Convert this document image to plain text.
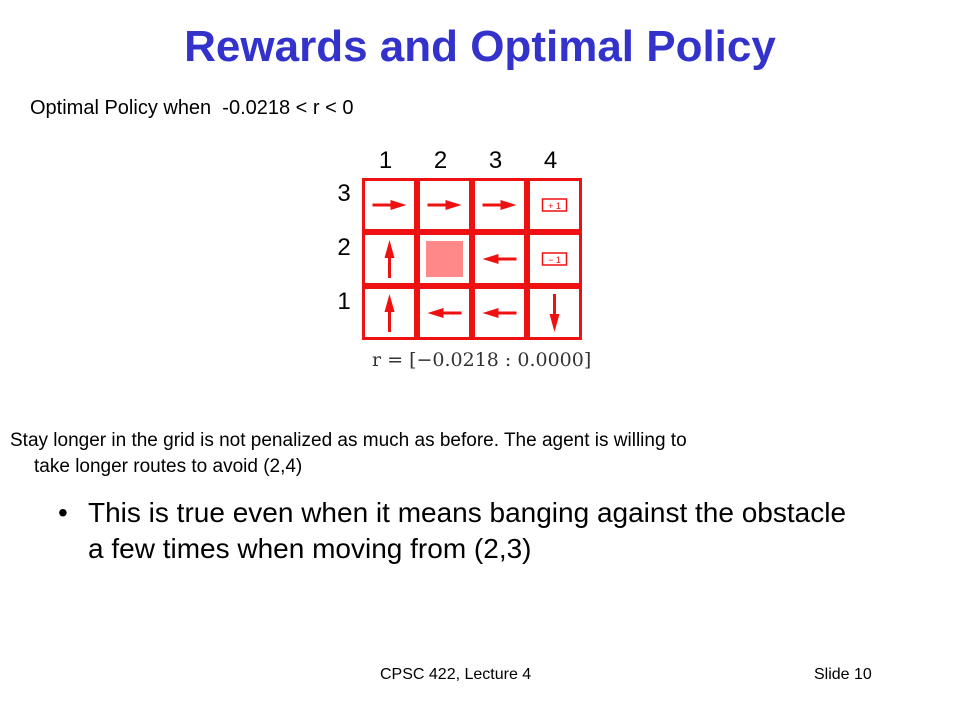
Rewards and Optimal Policy
Optimal Policy when  -0.0218 < r < 0
1 2 3 4
3
2
1
+ 1
− 1
r = [−0.0218 : 0.0000]
Stay longer in the grid is not penalized as much as before. The agent is willing to
take longer routes to avoid (2,4)
• This is true even when it means banging against the obstacle a few times when moving from (2,3)
CPSC 422, Lecture 4	Slide 10
